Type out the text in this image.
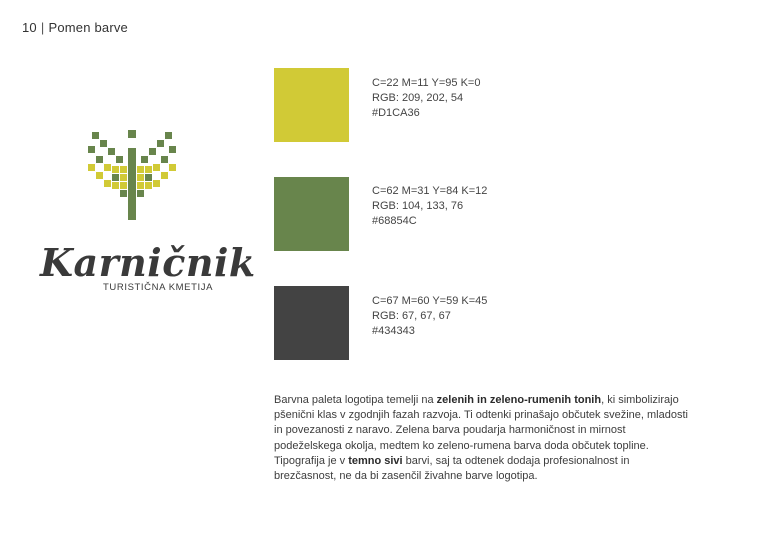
10 | Pomen barve
Karničnik
TURISTIČNA KMETIJA
C=22 M=11 Y=95 K=0
RGB: 209, 202, 54
#D1CA36
C=62 M=31 Y=84 K=12
RGB: 104, 133, 76
#68854C
C=67 M=60 Y=59 K=45
RGB: 67, 67, 67
#434343
Barvna paleta logotipa temelji na zelenih in zeleno-rumenih tonih, ki simbolizirajo pšenični klas v zgodnjih fazah razvoja. Ti odtenki prinašajo občutek svežine, mladosti in povezanosti z naravo. Zelena barva poudarja harmoničnost in mirnost podeželskega okolja, medtem ko zeleno-rumena barva doda občutek topline. Tipografija je v temno sivi barvi, saj ta odtenek dodaja profesionalnost in brezčasnost, ne da bi zasenčil živahne barve logotipa.
